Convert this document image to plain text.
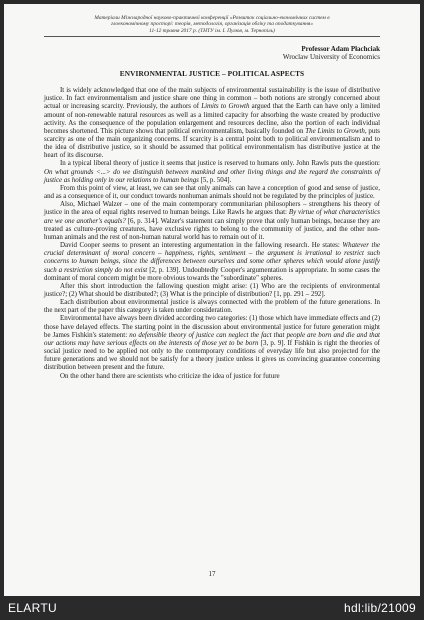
Матеріали Міжнародної науково-практичної конференції «Розвиток соціально-економічних систем в
глоекономічному просторі: теорія, методологія, організація обліку та оподаткування»
11-12 травня 2017 р. (ТНТУ ім. І. Пулюя, м. Тернопіль)
Professor Adam Płachciak
Wroclaw University of Economics
ENVIRONMENTAL JUSTICE – POLITICAL ASPECTS

It is widely acknowledged that one of the main subjects of environmental sustainability is the issue of distributive justice. In fact environmentalism and justice share one thing in common – both notions are strongly concerned about actual or increasing scarcity. Previously, the authors of Limits to Growth argued that the Earth can have only a limited amount of non-renewable natural resources as well as a limited capacity for absorbing the waste created by productive activity. As the consequence of the population enlargement and resources decline, also the portion of each individual becomes shortened. This picture shows that political environmentalism, basically founded on The Limits to Growth, puts scarcity as one of the main organizing concerns. If scarcity is a central point both to political environmentalism and to the idea of distributive justice, so it should be assumed that political environmentalism has distributive justice at the heart of its discourse.

In a typical liberal theory of justice it seems that justice is reserved to humans only. John Rawls puts the question: On what grounds <...> do we distinguish between mankind and other living things and the regard the constraints of justice as holding only in our relations to human beings [5, p. 504].

From this point of view, at least, we can see that only animals can have a conception of good and sense of justice, and as a consequence of it, our conduct towards nonhuman animals should not be regulated by the principles of justice.

Also, Michael Walzer – one of the main contemporary communitarian philosophers – strengthens his theory of justice in the area of equal rights reserved to human beings. Like Rawls he argues that: By virtue of what characteristics are we one another's equals? [6, p. 314]. Walzer's statement can simply prove that only human beings, because they are treated as culture-proving creatures, have exclusive rights to belong to the community of justice, and the other non-human animals and the rest of non-human natural world has to remain out of it.

David Cooper seems to present an interesting argumentation in the fallowing research. He states: Whatever the crucial determinant of moral concern – happiness, rights, sentiment – the argument is irrational to restrict such concerns to human beings, since the differences between ourselves and some other spheres which would alone justify such a restriction simply do not exist [2, p. 139]. Undoubtedly Cooper's argumentation is appropriate. In some cases the dominant of moral concern might be more obvious towards the "subordinate" spheres.

After this short introduction the fallowing question might arise: (1) Who are the recipients of environmental justice?; (2) What should be distributed?; (3) What is the principle of distribution? [1, pp. 291 – 292].

Each distribution about environmental justice is always connected with the problem of the future generations. In the next part of the paper this category is taken under consideration.

Environmental have always been divided according two categories: (1) those which have immediate effects and (2) those have delayed effects. The starting point in the discussion about environmental justice for future generation might be James Fishkin's statement: no defensible theory of justice can neglect the fact that people are born and die and that our actions may have serious effects on the interests of those yet to be born [3, p. 9]. If Fishkin is right the theories of social justice need to be applied not only to the contemporary conditions of everyday life but also projected for the future generations and we should not be satisfy for a theory justice unless it gives us convincing guarantee concerning distribution between present and the future.

On the other hand there are scientists who criticize the idea of justice for future

17
ELARTU	hdl:lib/21009
